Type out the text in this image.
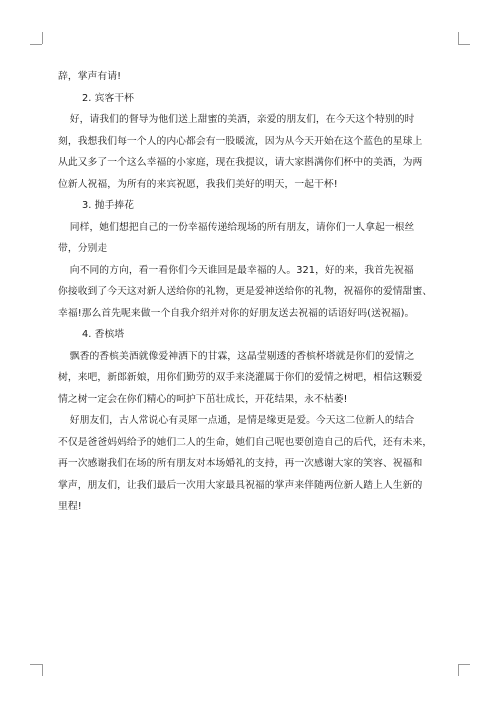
辞，掌声有请!

2. 宾客干杯

好，请我们的督导为他们送上甜蜜的美酒，亲爱的朋友们，在今天这个特别的时
刻，我想我们每一个人的内心都会有一股暖流，因为从今天开始在这个蓝色的星球上
从此又多了一个这么幸福的小家庭，现在我提议，请大家斟满你们杯中的美酒，为两
位新人祝福，为所有的来宾祝愿，我我们美好的明天，一起干杯!

3. 抛手捧花

同样，她们想把自己的一份幸福传递给现场的所有朋友，请你们一人拿起一根丝
带，分别走

向不同的方向，看一看你们今天谁回是最幸福的人。321，好的来，我首先祝福
你接收到了今天这对新人送给你的礼物，更是爱神送给你的礼物，祝福你的爱情甜蜜、
幸福!那么首先呢来做一个自我介绍并对你的好朋友送去祝福的话语好吗(送祝福)。

4. 香槟塔

飘香的香槟美酒就像爱神洒下的甘霖，这晶莹剔透的香槟杯塔就是你们的爱情之
树，来吧，新郎新娘，用你们勤劳的双手来浇灌属于你们的爱情之树吧，相信这颗爱
情之树一定会在你们精心的呵护下茁壮成长，开花结果，永不枯萎!

好朋友们，古人常说心有灵犀一点通，是情是缘更是爱。今天这二位新人的结合
不仅是爸爸妈妈给予的她们二人的生命，她们自己呢也要创造自己的后代，还有未来，
再一次感谢我们在场的所有朋友对本场婚礼的支持，再一次感谢大家的笑容、祝福和
掌声，朋友们，让我们最后一次用大家最具祝福的掌声来伴随两位新人踏上人生新的
里程!
